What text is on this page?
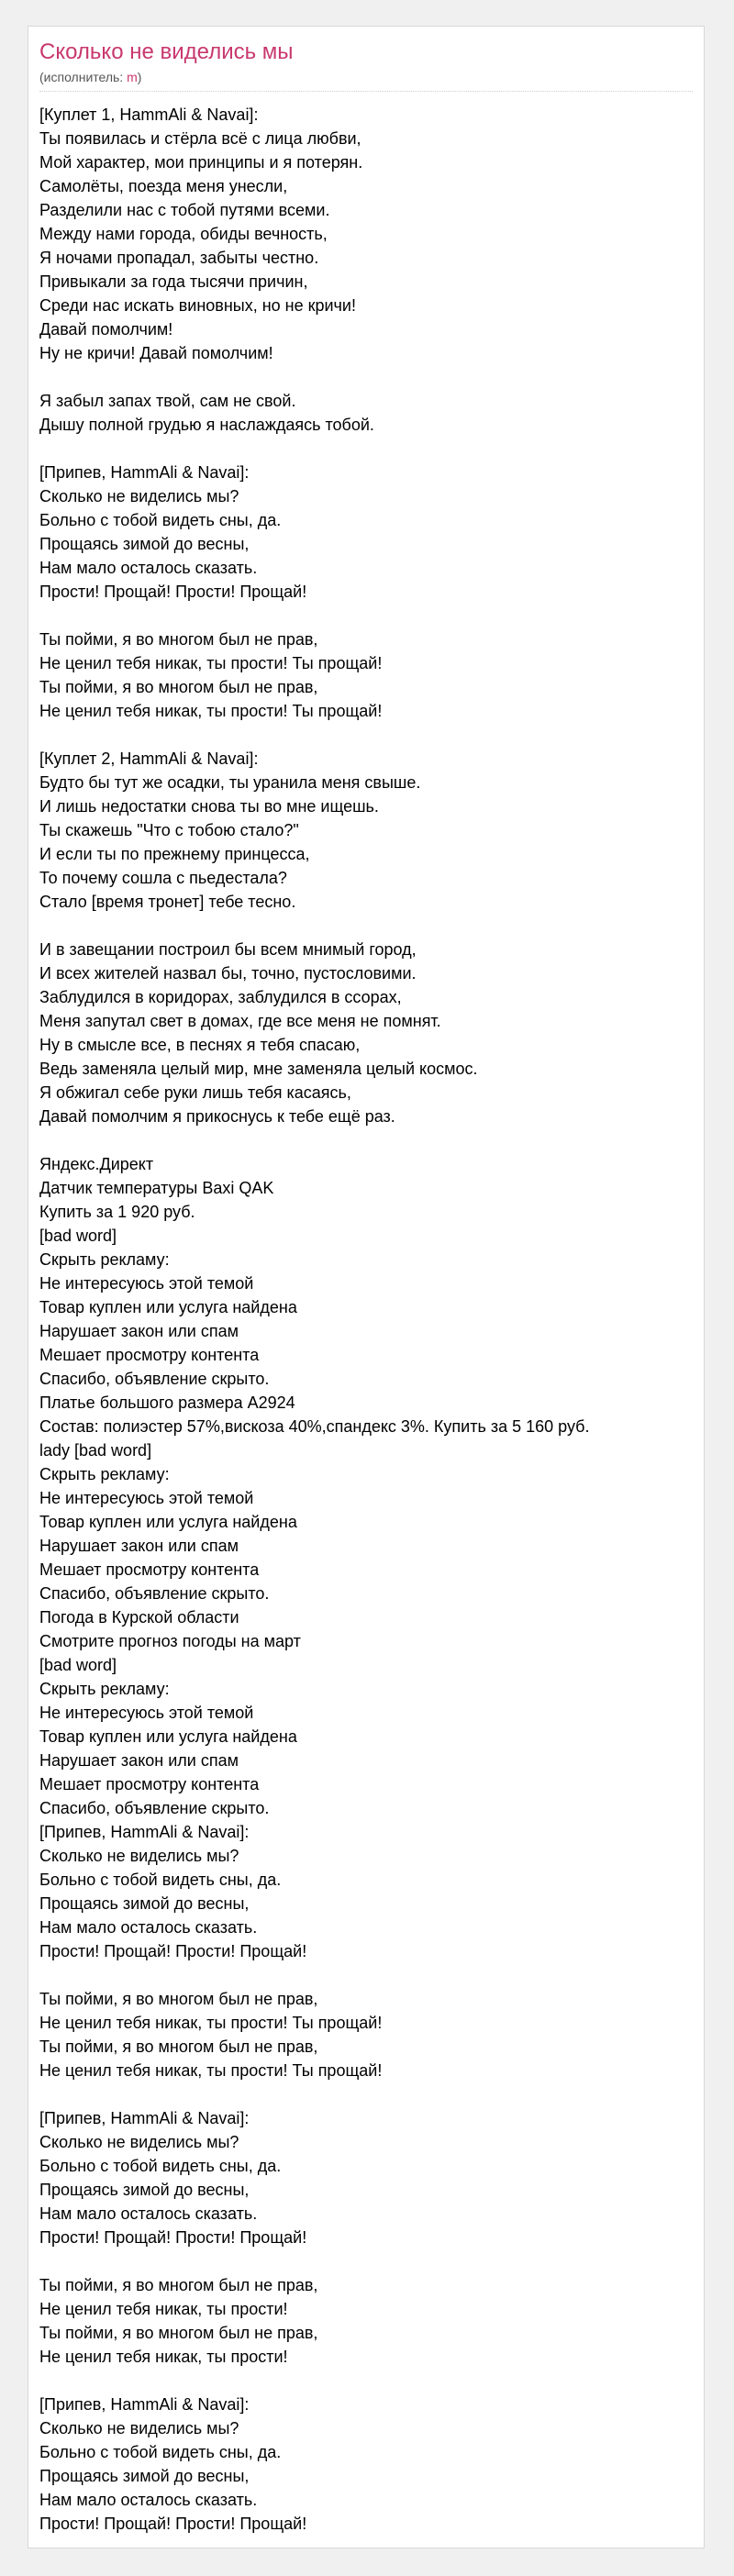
Сколько не виделись мы
(исполнитель: m)
[Куплет 1, HammAli & Navai]:
Ты появилась и стёрла всё с лица любви,
Мой характер, мои принципы и я потерян.
Самолёты, поезда меня унесли,
Разделили нас с тобой путями всеми.
Между нами города, обиды вечность,
Я ночами пропадал, забыты честно.
Привыкали за года тысячи причин,
Среди нас искать виновных, но не кричи!
Давай помолчим!
Ну не кричи! Давай помолчим!
Я забыл запах твой, сам не свой.
Дышу полной грудью я наслаждаясь тобой.
[Припев, HammAli & Navai]:
Сколько не виделись мы?
Больно с тобой видеть сны, да.
Прощаясь зимой до весны,
Нам мало осталось сказать.
Прости! Прощай! Прости! Прощай!
Ты пойми, я во многом был не прав,
Не ценил тебя никак, ты прости! Ты прощай!
Ты пойми, я во многом был не прав,
Не ценил тебя никак, ты прости! Ты прощай!
[Куплет 2, HammAli & Navai]:
Будто бы тут же осадки, ты уранила меня свыше.
И лишь недостатки снова ты во мне ищешь.
Ты скажешь "Что с тобою стало?"
И если ты по прежнему принцесса,
То почему сошла с пьедестала?
Стало [время тронет] тебе тесно.
И в завещании построил бы всем мнимый город,
И всех жителей назвал бы, точно, пустословими.
Заблудился в коридорах, заблудился в ссорах,
Меня запутал свет в домах, где все меня не помнят.
Ну в смысле все, в песнях я тебя спасаю,
Ведь заменяла целый мир, мне заменяла целый космос.
Я обжигал себе руки лишь тебя касаясь,
Давай помолчим я прикоснусь к тебе ещё раз.
Яндекс.Директ
Датчик температуры Baxi QAK
Купить за 1 920 руб.
[bad word]
Скрыть рекламу:
Не интересуюсь этой темой
Товар куплен или услуга найдена
Нарушает закон или спам
Мешает просмотру контента
Спасибо, объявление скрыто.
Платье большого размера A2924
Состав: полиэстер 57%,вискоза 40%,спандекс 3%. Купить за 5 160 руб.
lady [bad word]
Скрыть рекламу:
Не интересуюсь этой темой
Товар куплен или услуга найдена
Нарушает закон или спам
Мешает просмотру контента
Спасибо, объявление скрыто.
Погода в Курской области
Смотрите прогноз погоды на март
[bad word]
Скрыть рекламу:
Не интересуюсь этой темой
Товар куплен или услуга найдена
Нарушает закон или спам
Мешает просмотру контента
Спасибо, объявление скрыто.
[Припев, HammAli & Navai]:
Сколько не виделись мы?
Больно с тобой видеть сны, да.
Прощаясь зимой до весны,
Нам мало осталось сказать.
Прости! Прощай! Прости! Прощай!
Ты пойми, я во многом был не прав,
Не ценил тебя никак, ты прости! Ты прощай!
Ты пойми, я во многом был не прав,
Не ценил тебя никак, ты прости! Ты прощай!
[Припев, HammAli & Navai]:
Сколько не виделись мы?
Больно с тобой видеть сны, да.
Прощаясь зимой до весны,
Нам мало осталось сказать.
Прости! Прощай! Прости! Прощай!
Ты пойми, я во многом был не прав,
Не ценил тебя никак, ты прости!
Ты пойми, я во многом был не прав,
Не ценил тебя никак, ты прости!
[Припев, HammAli & Navai]:
Сколько не виделись мы?
Больно с тобой видеть сны, да.
Прощаясь зимой до весны,
Нам мало осталось сказать.
Прости! Прощай! Прости! Прощай!
